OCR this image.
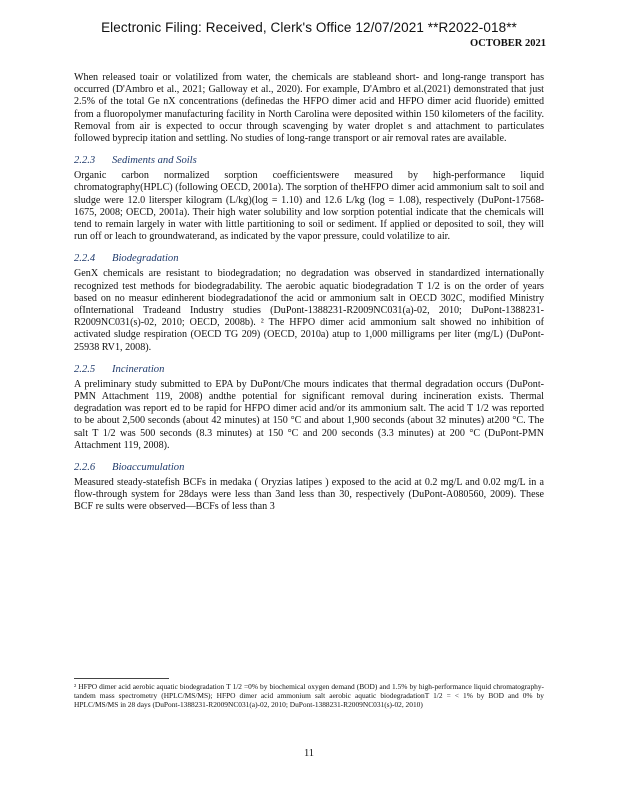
Electronic Filing: Received, Clerk's Office 12/07/2021 **R2022-018**
OCTOBER 2021

When released toair or volatilized from water, the chemicals are stableand short- and long-range transport has occurred (D'Ambro et al., 2021; Galloway et al., 2020). For example, D'Ambro et al.(2021) demonstrated that just 2.5% of the total Ge nX concentrations (definedas the HFPO dimer acid and HFPO dimer acid fluoride) emitted from a fluoropolymer manufacturing facility in North Carolina were deposited within 150 kilometers of the facility. Removal from air is expected to occur through scavenging by water droplet s and attachment to particulates followed byprecip itation and settling. No studies of long-range transport or air removal rates are available.

2.2.3 Sediments and Soils

Organic carbon normalized sorption coefficientswere measured by high-performance liquid chromatography(HPLC) (following OECD, 2001a). The sorption of theHFPO dimer acid ammonium salt to soil and sludge were 12.0 litersper kilogram (L/kg)(log = 1.10) and 12.6 L/kg (log = 1.08), respectively (DuPont-17568-1675, 2008; OECD, 2001a). Their high water solubility and low sorption potential indicate that the chemicals will tend to remain largely in water with little partitioning to soil or sediment. If applied or deposited to soil, they will run off or leach to groundwaterand, as indicated by the vapor pressure, could volatilize to air.

2.2.4 Biodegradation

GenX chemicals are resistant to biodegradation; no degradation was observed in standardized internationally recognized test methods for biodegradability. The aerobic aquatic biodegradation T 1/2 is on the order of years based on no measur edinherent biodegradationof the acid or ammonium salt in OECD 302C, modified Ministry ofInternational Tradeand Industry studies (DuPont-1388231-R2009NC031(a)-02, 2010; DuPont-1388231-R2009NC031(s)-02, 2010; OECD, 2008b). ² The HFPO dimer acid ammonium salt showed no inhibition of activated sludge respiration (OECD TG 209) (OECD, 2010a) atup to 1,000 milligrams per liter (mg/L) (DuPont-25938 RV1, 2008).

2.2.5 Incineration

A preliminary study submitted to EPA by DuPont/Che mours indicates that thermal degradation occurs (DuPont-PMN Attachment 119, 2008) andthe potential for significant removal during incineration exists. Thermal degradation was report ed to be rapid for HFPO dimer acid and/or its ammonium salt. The acid T 1/2 was reported to be about 2,500 seconds (about 42 minutes) at 150 °C and about 1,900 seconds (about 32 minutes) at200 °C. The salt T 1/2 was 500 seconds (8.3 minutes) at 150 °C and 200 seconds (3.3 minutes) at 200 °C (DuPont-PMN Attachment 119, 2008).

2.2.6 Bioaccumulation

Measured steady-statefish BCFs in medaka ( Oryzias latipes ) exposed to the acid at 0.2 mg/L and 0.02 mg/L in a flow-through system for 28days were less than 3and less than 30, respectively (DuPont-A080560, 2009). These BCF re sults were observed—BCFs of less than 3

² HFPO dimer acid aerobic aquatic biodegradation T 1/2 =0% by biochemical oxygen demand (BOD) and 1.5% by high-performance liquid chromatography-tandem mass spectrometry (HPLC/MS/MS); HFPO dimer acid ammonium salt aerobic aquatic biodegradationT 1/2 = < 1% by BOD and 0% by HPLC/MS/MS in 28 days (DuPont-1388231-R2009NC031(a)-02, 2010; DuPont-1388231-R2009NC031(s)-02, 2010)
11
